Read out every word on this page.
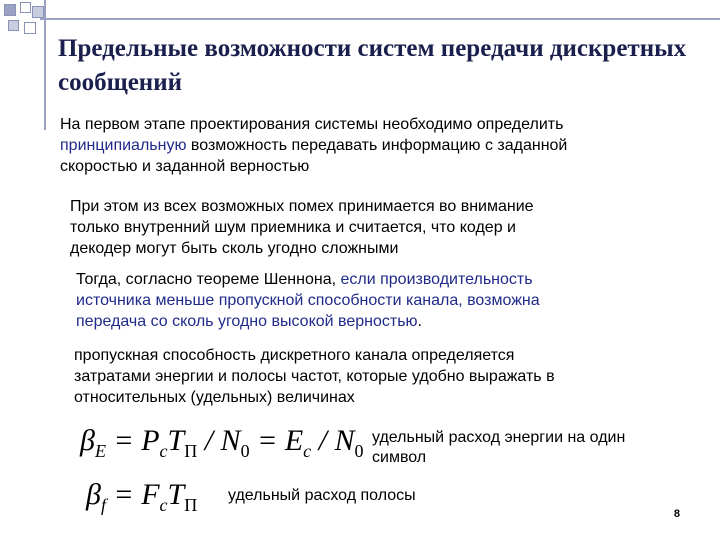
Предельные возможности систем передачи дискретных сообщений
На первом этапе проектирования системы необходимо определить
принципиальную возможность передавать информацию с заданной
скоростью и заданной верностью
При этом из всех возможных помех принимается во внимание
только внутренний шум приемника и считается, что кодер и
декодер могут быть сколь угодно сложными
Тогда, согласно теореме Шеннона, если производительность
источника меньше пропускной способности канала, возможна
передача со сколь угодно высокой верностью.
пропускная способность дискретного канала определяется
затратами энергии и полосы частот, которые удобно выражать в
относительных (удельных) величинах
$\beta_E = P_cT_П / N_0 = E_c / N_0$
удельный расход энергии на один
символ
$\beta_f = F_cT_П$ удельный расход полосы
8
